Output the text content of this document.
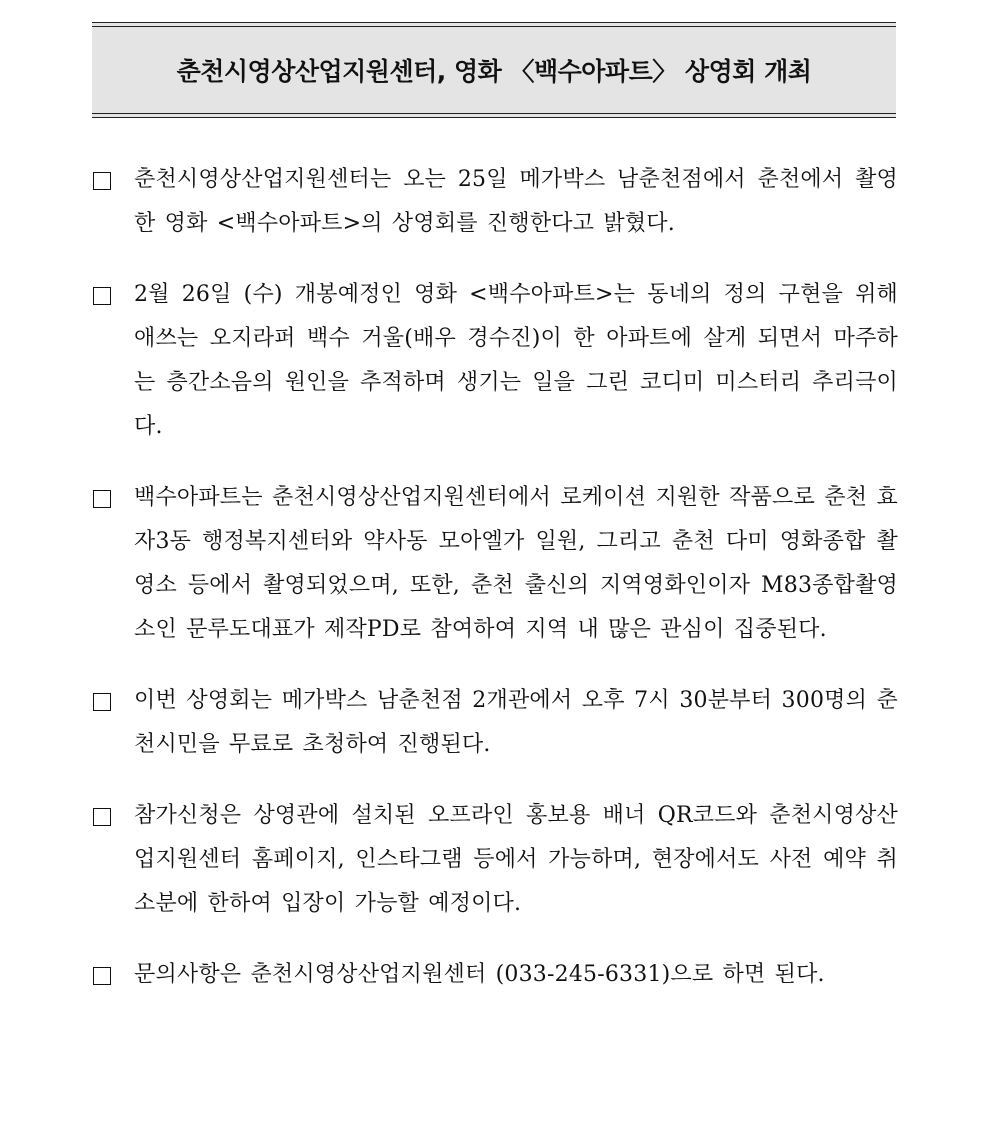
춘천시영상산업지원센터, 영화 〈백수아파트〉 상영회 개최
춘천시영상산업지원센터는 오는 25일 메가박스 남춘천점에서 춘천에서 촬영한 영화 <백수아파트>의 상영회를 진행한다고 밝혔다.
2월 26일 (수) 개봉예정인 영화 <백수아파트>는 동네의 정의 구현을 위해 애쓰는 오지라퍼 백수 거울(배우 경수진)이 한 아파트에 살게 되면서 마주하는 층간소음의 원인을 추적하며 생기는 일을 그린 코디미 미스터리 추리극이다.
백수아파트는 춘천시영상산업지원센터에서 로케이션 지원한 작품으로 춘천 효자3동 행정복지센터와 약사동 모아엘가 일원, 그리고 춘천 다미 영화종합 촬영소 등에서 촬영되었으며, 또한, 춘천 출신의 지역영화인이자 M83종합촬영소인 문루도대표가 제작PD로 참여하여 지역 내 많은 관심이 집중된다.
이번 상영회는 메가박스 남춘천점 2개관에서 오후 7시 30분부터 300명의 춘천시민을 무료로 초청하여 진행된다.
참가신청은 상영관에 설치된 오프라인 홍보용 배너 QR코드와 춘천시영상산업지원센터 홈페이지, 인스타그램 등에서 가능하며, 현장에서도 사전 예약 취소분에 한하여 입장이 가능할 예정이다.
문의사항은 춘천시영상산업지원센터 (033-245-6331)으로 하면 된다.
